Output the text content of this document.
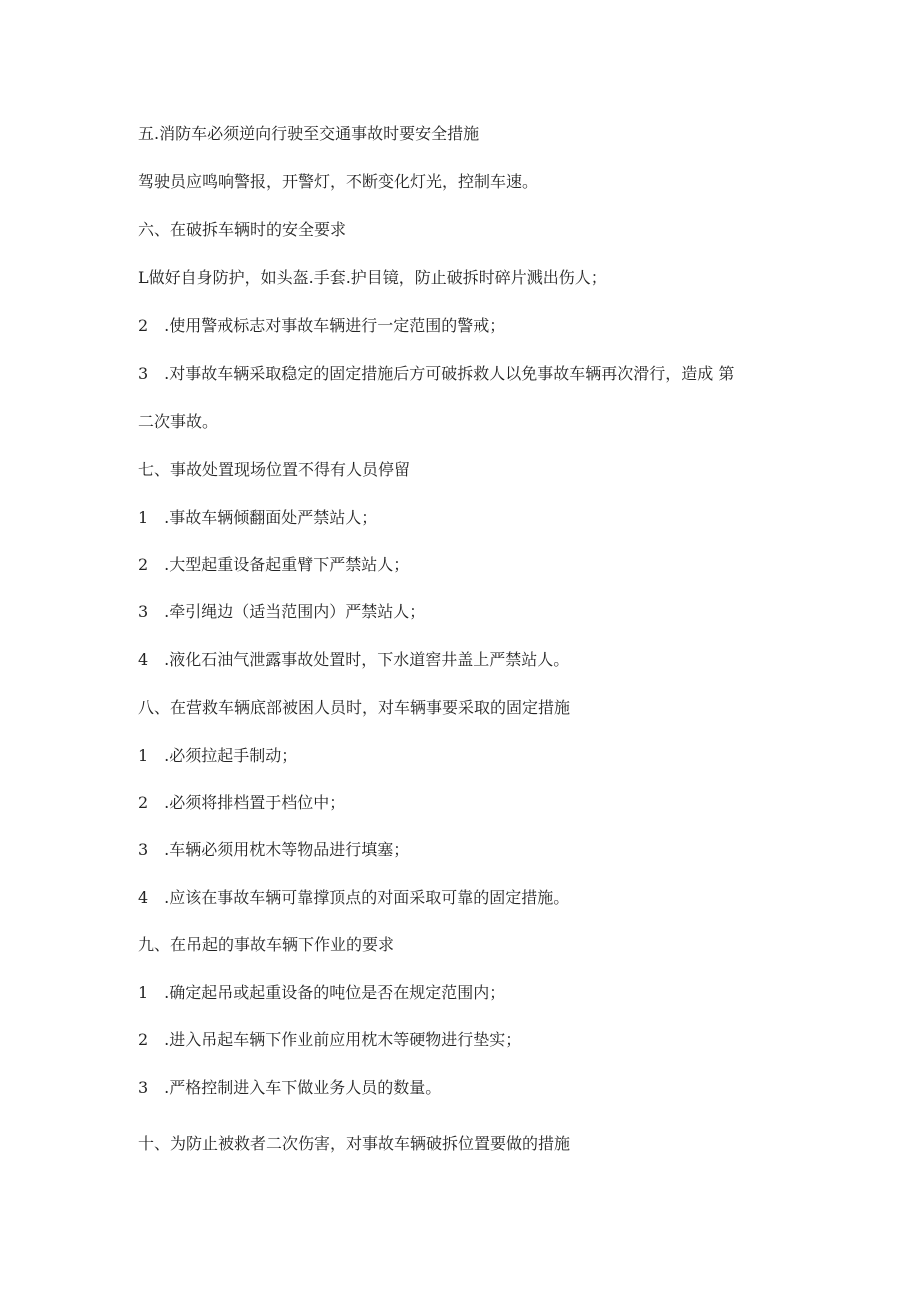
五.消防车必须逆向行驶至交通事故时要安全措施
驾驶员应鸣响警报，开警灯，不断变化灯光，控制车速。
六、在破拆车辆时的安全要求
L做好自身防护，如头盔.手套.护目镜，防止破拆时碎片溅出伤人；
2　.使用警戒标志对事故车辆进行一定范围的警戒；
3　.对事故车辆采取稳定的固定措施后方可破拆救人以免事故车辆再次滑行，造成 第
二次事故。
七、事故处置现场位置不得有人员停留
1　.事故车辆倾翻面处严禁站人；
2　.大型起重设备起重臂下严禁站人；
3　.牵引绳边（适当范围内）严禁站人；
4　.液化石油气泄露事故处置时，下水道窖井盖上严禁站人。
八、在营救车辆底部被困人员时，对车辆事要采取的固定措施
1　.必须拉起手制动；
2　.必须将排档置于档位中；
3　.车辆必须用枕木等物品进行填塞；
4　.应该在事故车辆可靠撑顶点的对面采取可靠的固定措施。
九、在吊起的事故车辆下作业的要求
1　.确定起吊或起重设备的吨位是否在规定范围内；
2　.进入吊起车辆下作业前应用枕木等硬物进行垫实；
3　.严格控制进入车下做业务人员的数量。
十、为防止被救者二次伤害，对事故车辆破拆位置要做的措施
